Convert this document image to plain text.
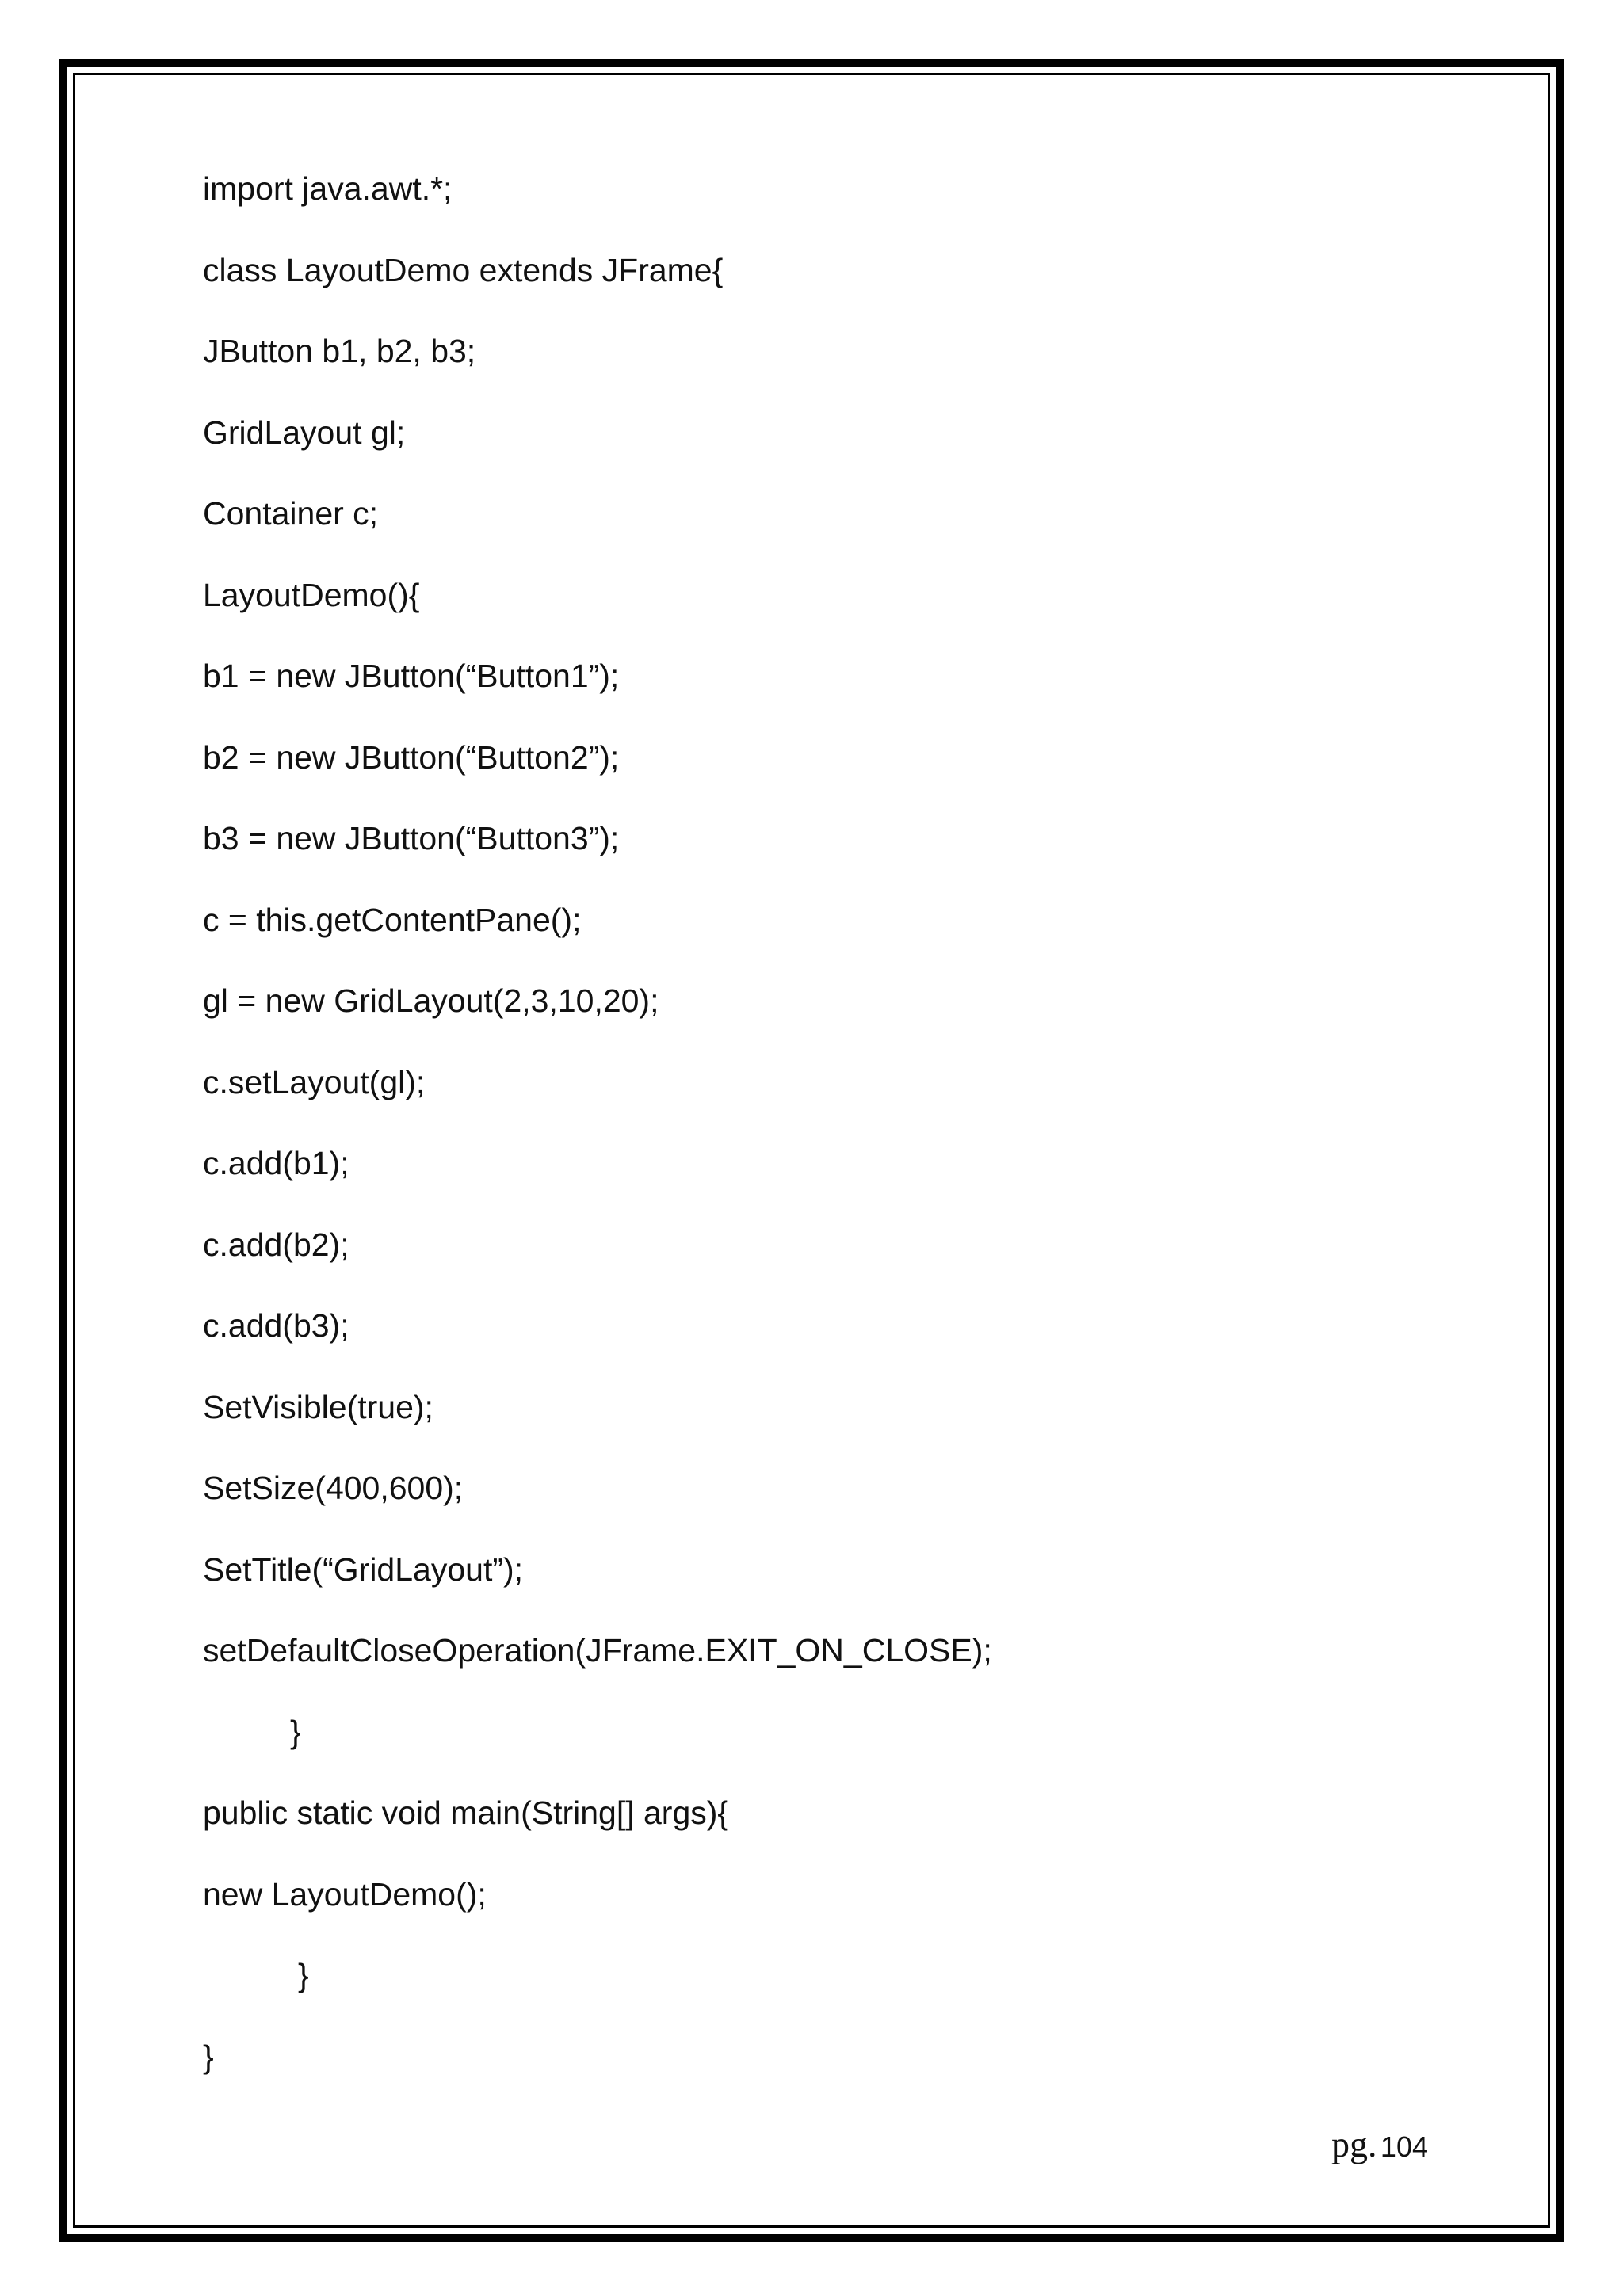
import java.awt.*;
class LayoutDemo extends JFrame{
JButton b1, b2, b3;
GridLayout gl;
Container c;
LayoutDemo(){
b1 = new JButton(“Button1”);
b2 = new JButton(“Button2”);
b3 = new JButton(“Button3”);
c = this.getContentPane();
gl = new GridLayout(2,3,10,20);
c.setLayout(gl);
c.add(b1);
c.add(b2);
c.add(b3);
SetVisible(true);
SetSize(400,600);
SetTitle(“GridLayout”);
setDefaultCloseOperation(JFrame.EXIT_ON_CLOSE);
}
public static void main(String[] args){
new LayoutDemo();
}
}
pg. 104
